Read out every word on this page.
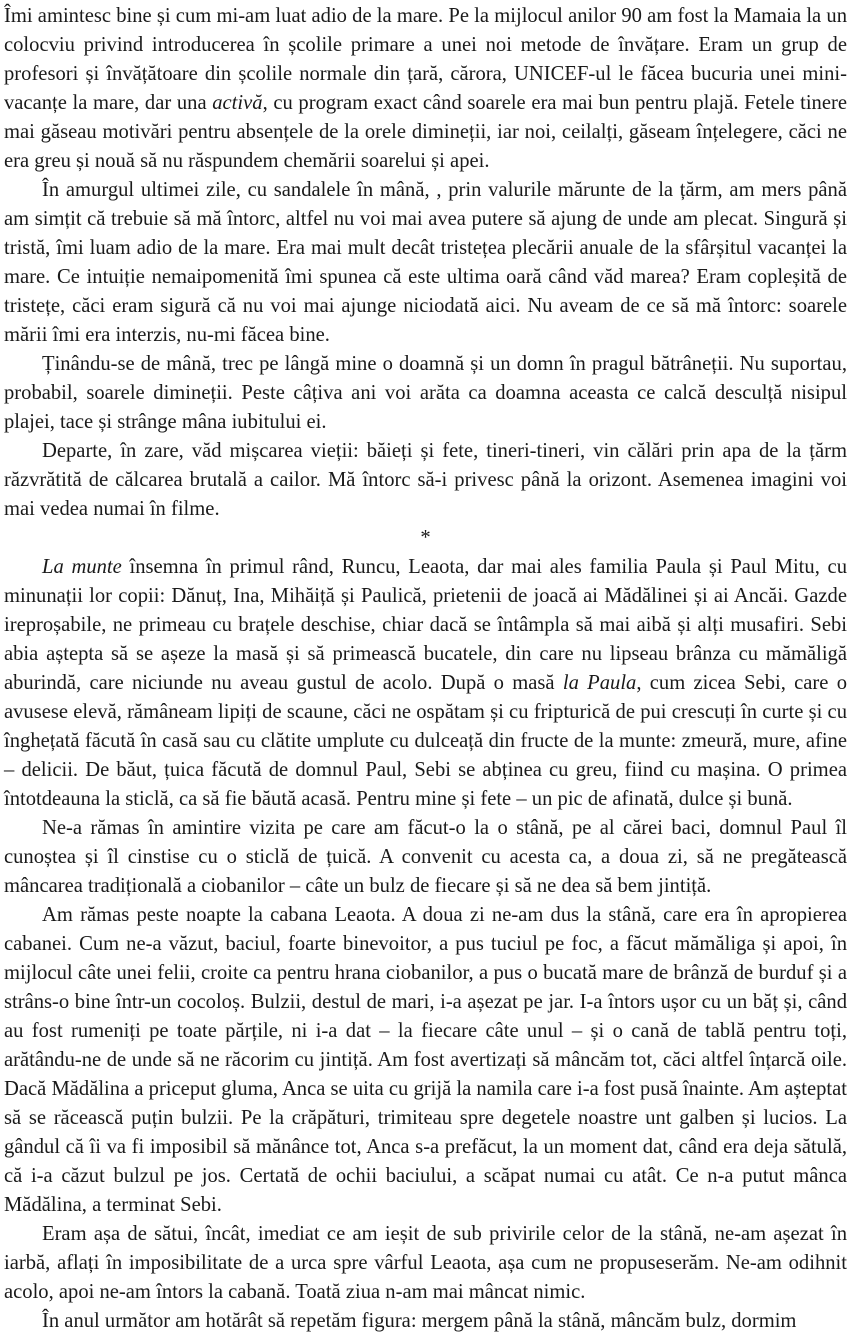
Îmi amintesc bine și cum mi-am luat adio de la mare. Pe la mijlocul anilor 90 am fost la Mamaia la un colocviu privind introducerea în școlile primare a unei noi metode de învățare. Eram un grup de profesori și învățătoare din școlile normale din țară, cărora, UNICEF-ul le făcea bucuria unei mini-vacanțe la mare, dar una activă, cu program exact când soarele era mai bun pentru plajă. Fetele tinere mai găseau motivări pentru absențele de la orele dimineții, iar noi, ceilalți, găseam înțelegere, căci ne era greu și nouă să nu răspundem chemării soarelui și apei.

În amurgul ultimei zile, cu sandalele în mână, , prin valurile mărunte de la țărm, am mers până am simțit că trebuie să mă întorc, altfel nu voi mai avea putere să ajung de unde am plecat. Singură și tristă, îmi luam adio de la mare. Era mai mult decât tristețea plecării anuale de la sfârșitul vacanței la mare. Ce intuiție nemaipomenită îmi spunea că este ultima oară când văd marea? Eram copleșită de tristețe, căci eram sigură că nu voi mai ajunge niciodată aici. Nu aveam de ce să mă întorc: soarele mării îmi era interzis, nu-mi făcea bine.

Ținându-se de mână, trec pe lângă mine o doamnă și un domn în pragul bătrâneții. Nu suportau, probabil, soarele dimineții. Peste câțiva ani voi arăta ca doamna aceasta ce calcă desculță nisipul plajei, tace și strânge mâna iubitului ei.

Departe, în zare, văd mișcarea vieții: băieți și fete, tineri-tineri, vin călări prin apa de la țărm răzvrătită de călcarea brutală a cailor. Mă întorc să-i privesc până la orizont. Asemenea imagini voi mai vedea numai în filme.

*

La munte însemna în primul rând, Runcu, Leaota, dar mai ales familia Paula și Paul Mitu, cu minunații lor copii: Dănuț, Ina, Mihăiță și Paulică, prietenii de joacă ai Mădălinei și ai Ancăi. Gazde ireproșabile, ne primeau cu brațele deschise, chiar dacă se întâmpla să mai aibă și alți musafiri. Sebi abia aștepta să se așeze la masă și să primească bucatele, din care nu lipseau brânza cu mămăligă aburindă, care niciunde nu aveau gustul de acolo. După o masă la Paula, cum zicea Sebi, care o avusese elevă, rămâneam lipiți de scaune, căci ne ospătam și cu fripturică de pui crescuți în curte și cu înghețată făcută în casă sau cu clătite umplute cu dulceață din fructe de la munte: zmeură, mure, afine – delicii. De băut, țuica făcută de domnul Paul, Sebi se abținea cu greu, fiind cu mașina. O primea întotdeauna la sticlă, ca să fie băută acasă. Pentru mine și fete – un pic de afinată, dulce și bună.

Ne-a rămas în amintire vizita pe care am făcut-o la o stână, pe al cărei baci, domnul Paul îl cunoștea și îl cinstise cu o sticlă de țuică. A convenit cu acesta ca, a doua zi, să ne pregătească mâncarea tradițională a ciobanilor – câte un bulz de fiecare și să ne dea să bem jintiță.

Am rămas peste noapte la cabana Leaota. A doua zi ne-am dus la stână, care era în apropierea cabanei. Cum ne-a văzut, baciul, foarte binevoitor, a pus tuciul pe foc, a făcut mămăliga și apoi, în mijlocul câte unei felii, croite ca pentru hrana ciobanilor, a pus o bucată mare de brânză de burduf și a strâns-o bine într-un cocoloș. Bulzii, destul de mari, i-a așezat pe jar. I-a întors ușor cu un băț și, când au fost rumeniți pe toate părțile, ni i-a dat – la fiecare câte unul – și o cană de tablă pentru toți, arătându-ne de unde să ne răcorim cu jintiță. Am fost avertizați să mâncăm tot, căci altfel înțarcă oile. Dacă Mădălina a priceput gluma, Anca se uita cu grijă la namila care i-a fost pusă înainte. Am așteptat să se răcească puțin bulzii. Pe la crăpături, trimiteau spre degetele noastre unt galben și lucios. La gândul că îi va fi imposibil să mănânce tot, Anca s-a prefăcut, la un moment dat, când era deja sătulă, că i-a căzut bulzul pe jos. Certată de ochii baciului, a scăpat numai cu atât. Ce n-a putut mânca Mădălina, a terminat Sebi.

Eram așa de sătui, încât, imediat ce am ieșit de sub privirile celor de la stână, ne-am așezat în iarbă, aflați în imposibilitate de a urca spre vârful Leaota, așa cum ne propuseserăm. Ne-am odihnit acolo, apoi ne-am întors la cabană. Toată ziua n-am mai mâncat nimic.

În anul următor am hotărât să repetăm figura: mergem până la stână, mâncăm bulz, dormim
